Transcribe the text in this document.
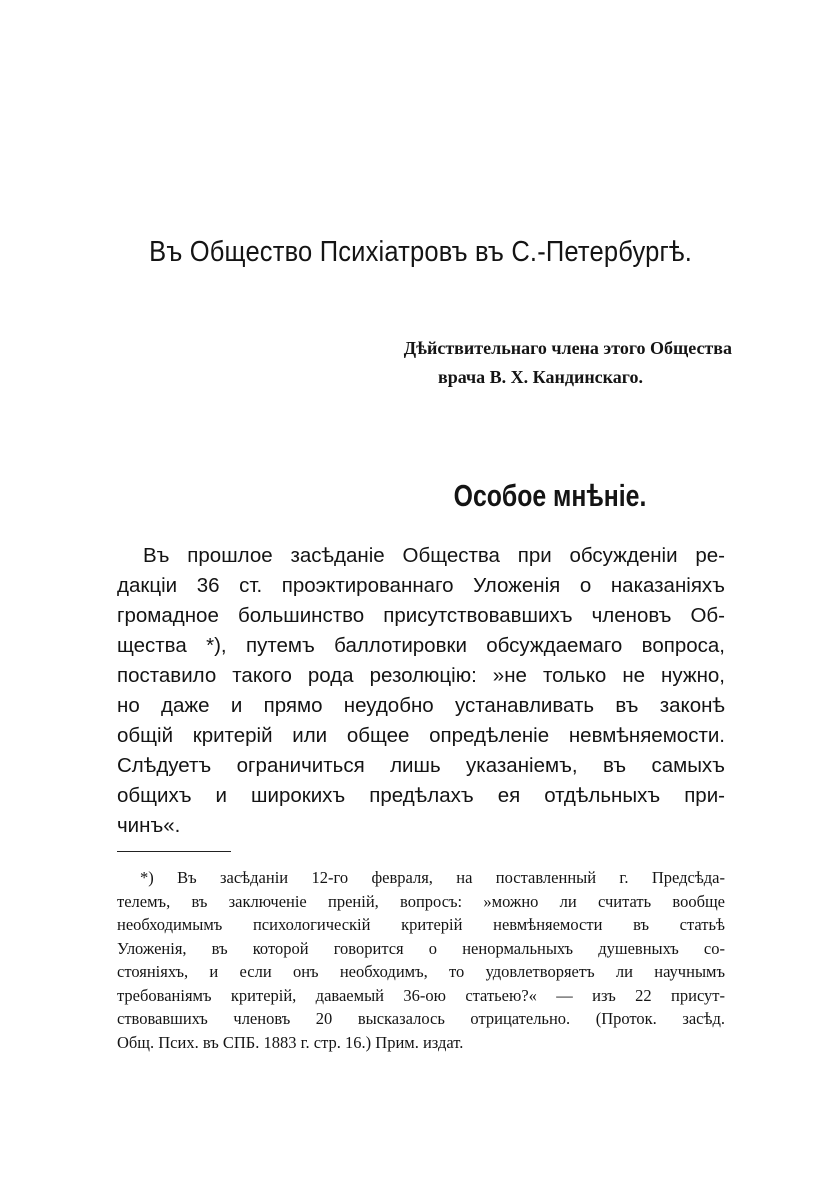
Въ Общество Психіатровъ въ С.-Петербургѣ.
Дѣйствительнаго члена этого Общества
врача В. Х. Кандинскаго.
Особое мнѣніе.
Въ прошлое засѣданіе Общества при обсужденіи ре-
дакціи 36 ст. проэктированнаго Уложенія о наказаніяхъ
громадное большинство присутствовавшихъ членовъ Об-
щества *), путемъ баллотировки обсуждаемаго вопроса,
поставило такого рода резолюцію: »не только не нужно,
но даже и прямо неудобно устанавливать въ законѣ
общій критерій или общее опредѣленіе невмѣняемости.
Слѣдуетъ ограничиться лишь указаніемъ, въ самыхъ
общихъ и широкихъ предѣлахъ ея отдѣльныхъ при-
чинъ«.
*) Въ засѣданіи 12-го февраля, на поставленный г. Предсѣда-
телемъ, въ заключеніе преній, вопросъ: »можно ли считать вообще
необходимымъ психологическій критерій невмѣняемости въ статьѣ
Уложенія, въ которой говорится о ненормальныхъ душевныхъ со-
стояніяхъ, и если онъ необходимъ, то удовлетворяетъ ли научнымъ
требованіямъ критерій, даваемый 36-ою статьею?« — изъ 22 присут-
ствовавшихъ членовъ 20 высказалось отрицательно. (Проток. засѣд.
Общ. Псих. въ СПБ. 1883 г. стр. 16.) Прим. издат.
